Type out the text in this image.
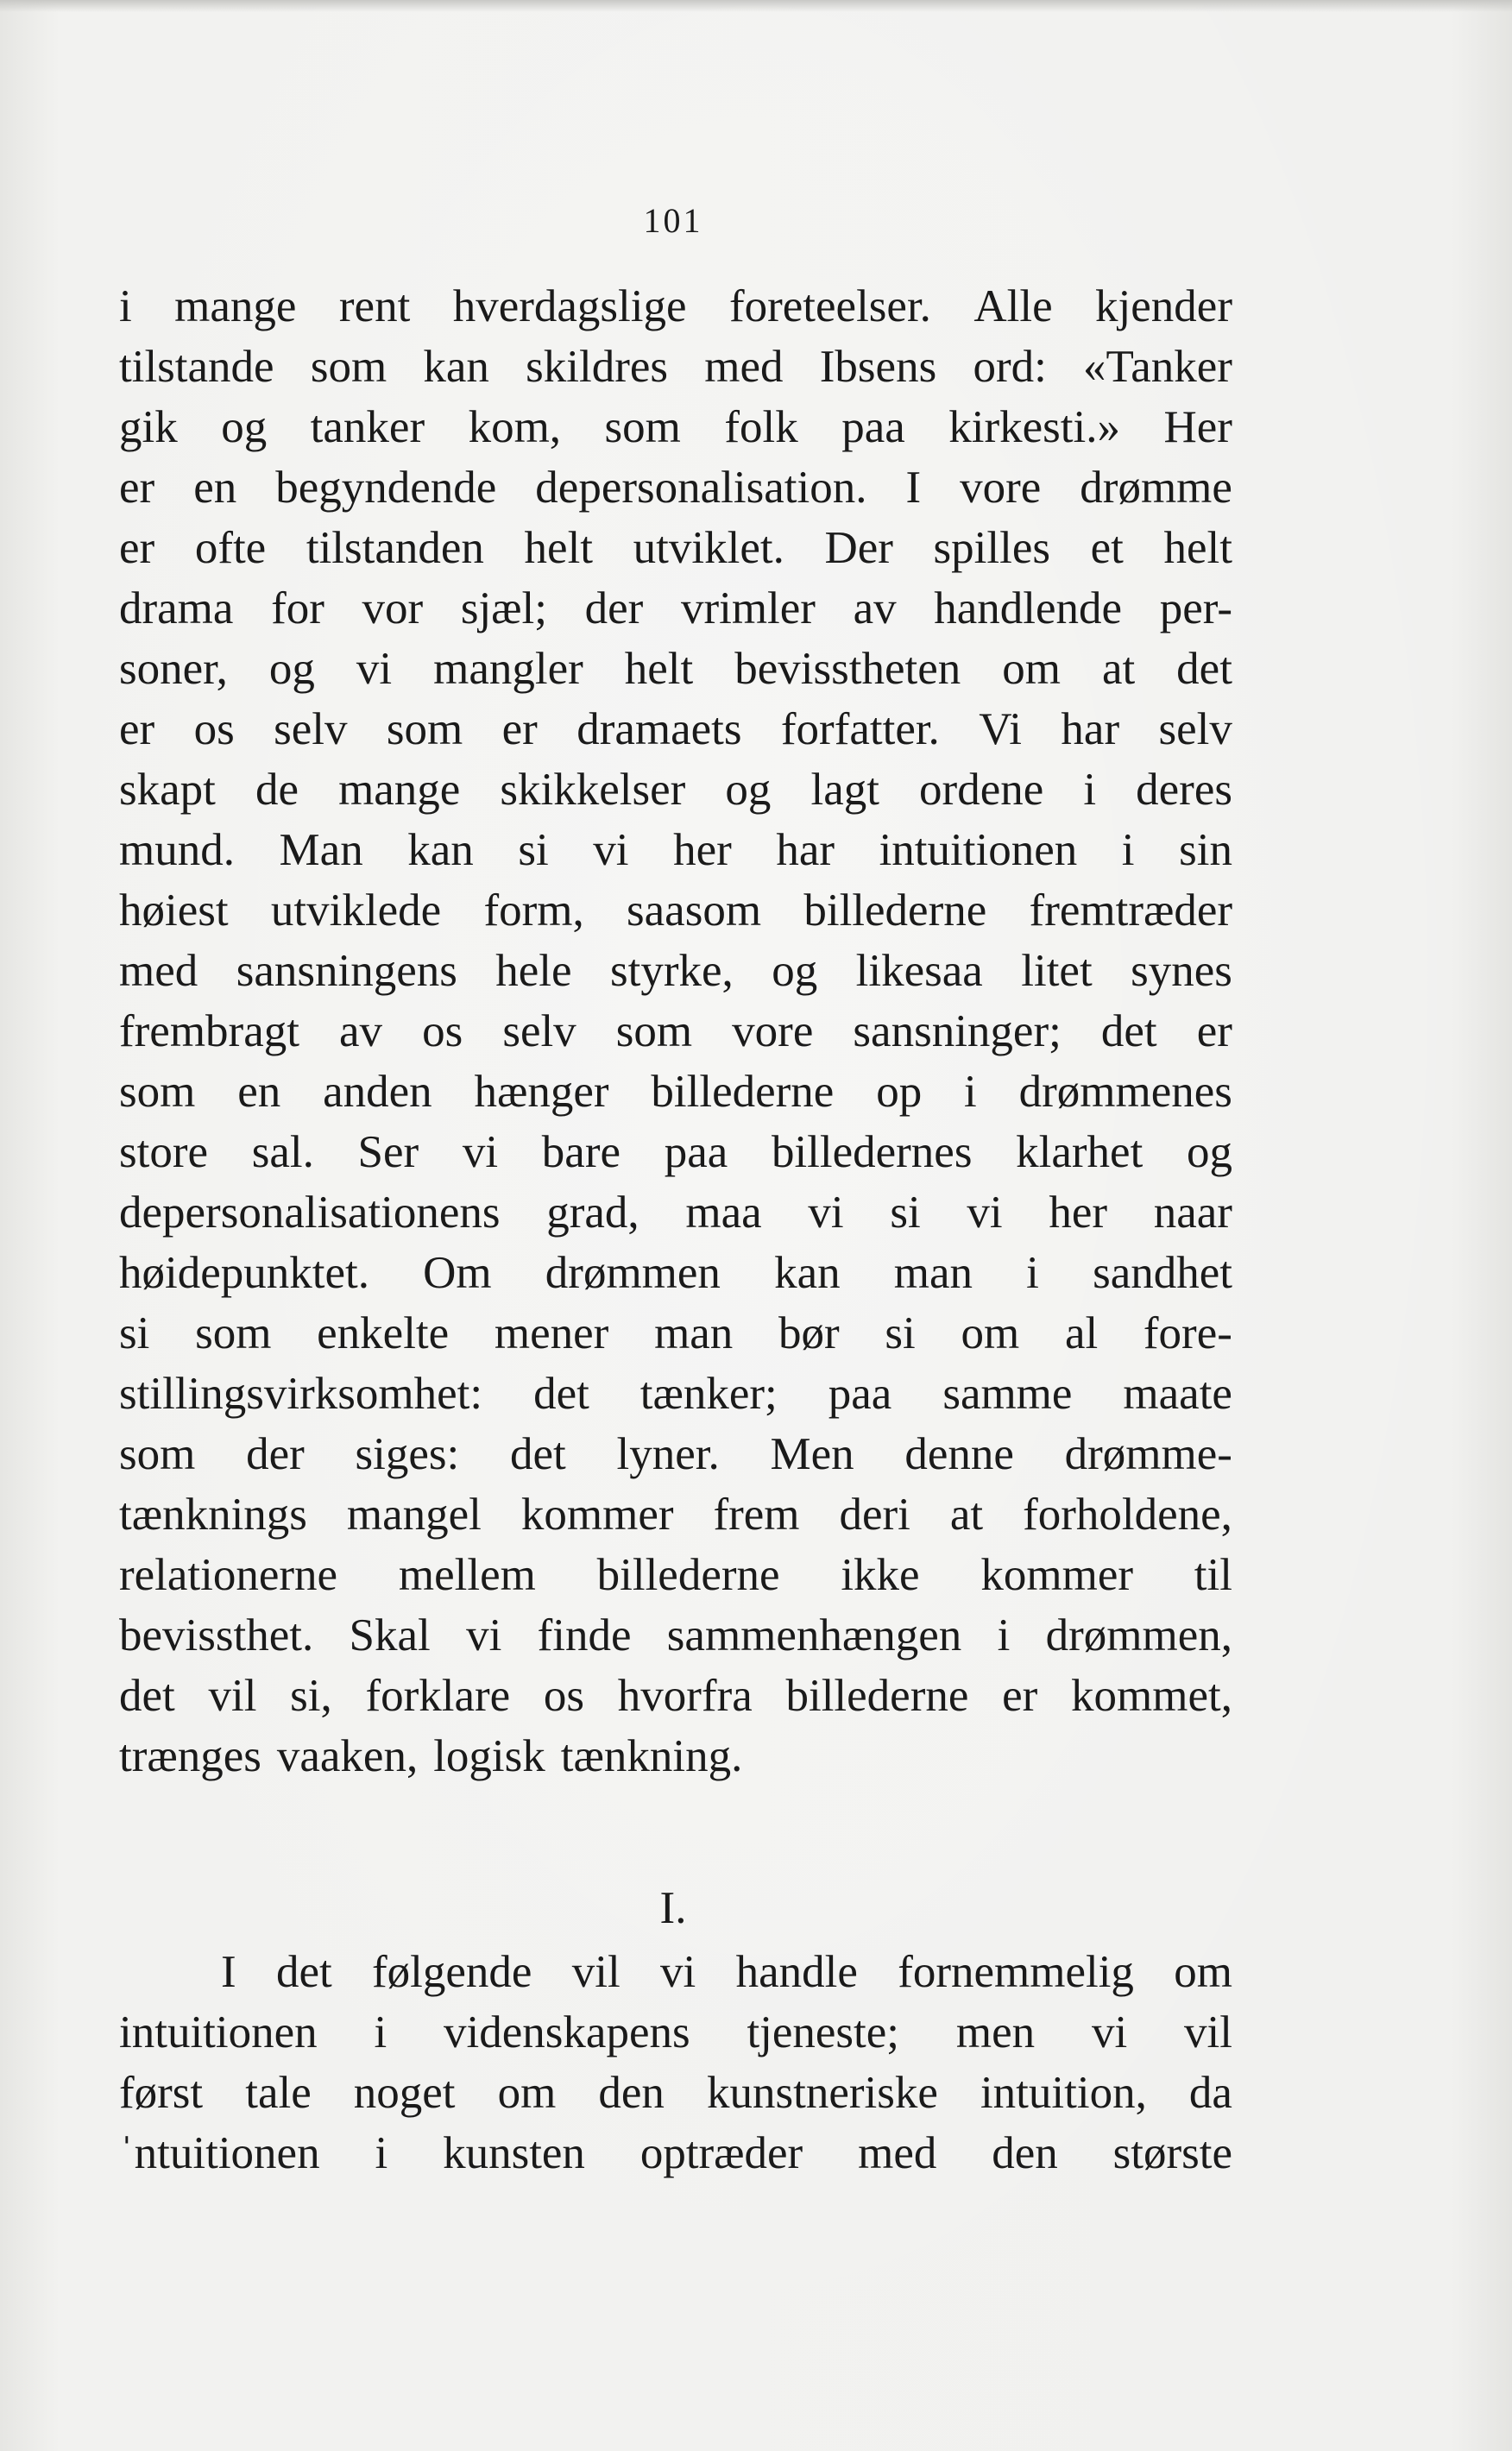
101
i mange rent hverdagslige foreteelser. Alle kjender
tilstande som kan skildres med Ibsens ord: «Tanker
gik og tanker kom, som folk paa kirkesti.» Her
er en begyndende depersonalisation. I vore drømme
er ofte tilstanden helt utviklet. Der spilles et helt
drama for vor sjæl; der vrimler av handlende per-
soner, og vi mangler helt bevisstheten om at det
er os selv som er dramaets forfatter. Vi har selv
skapt de mange skikkelser og lagt ordene i deres
mund. Man kan si vi her har intuitionen i sin
høiest utviklede form, saasom billederne fremtræder
med sansningens hele styrke, og likesaa litet synes
frembragt av os selv som vore sansninger; det er
som en anden hænger billederne op i drømmenes
store sal. Ser vi bare paa billedernes klarhet og
depersonalisationens grad, maa vi si vi her naar
høidepunktet. Om drømmen kan man i sandhet
si som enkelte mener man bør si om al fore-
stillingsvirksomhet: det tænker; paa samme maate
som der siges: det lyner. Men denne drømme-
tænknings mangel kommer frem deri at forholdene,
relationerne mellem billederne ikke kommer til
bevissthet. Skal vi finde sammenhængen i drømmen,
det vil si, forklare os hvorfra billederne er kommet,
trænges vaaken, logisk tænkning.
I.
I det følgende vil vi handle fornemmelig om
intuitionen i videnskapens tjeneste; men vi vil
først tale noget om den kunstneriske intuition, da
ˈntuitionen i kunsten optræder med den største
